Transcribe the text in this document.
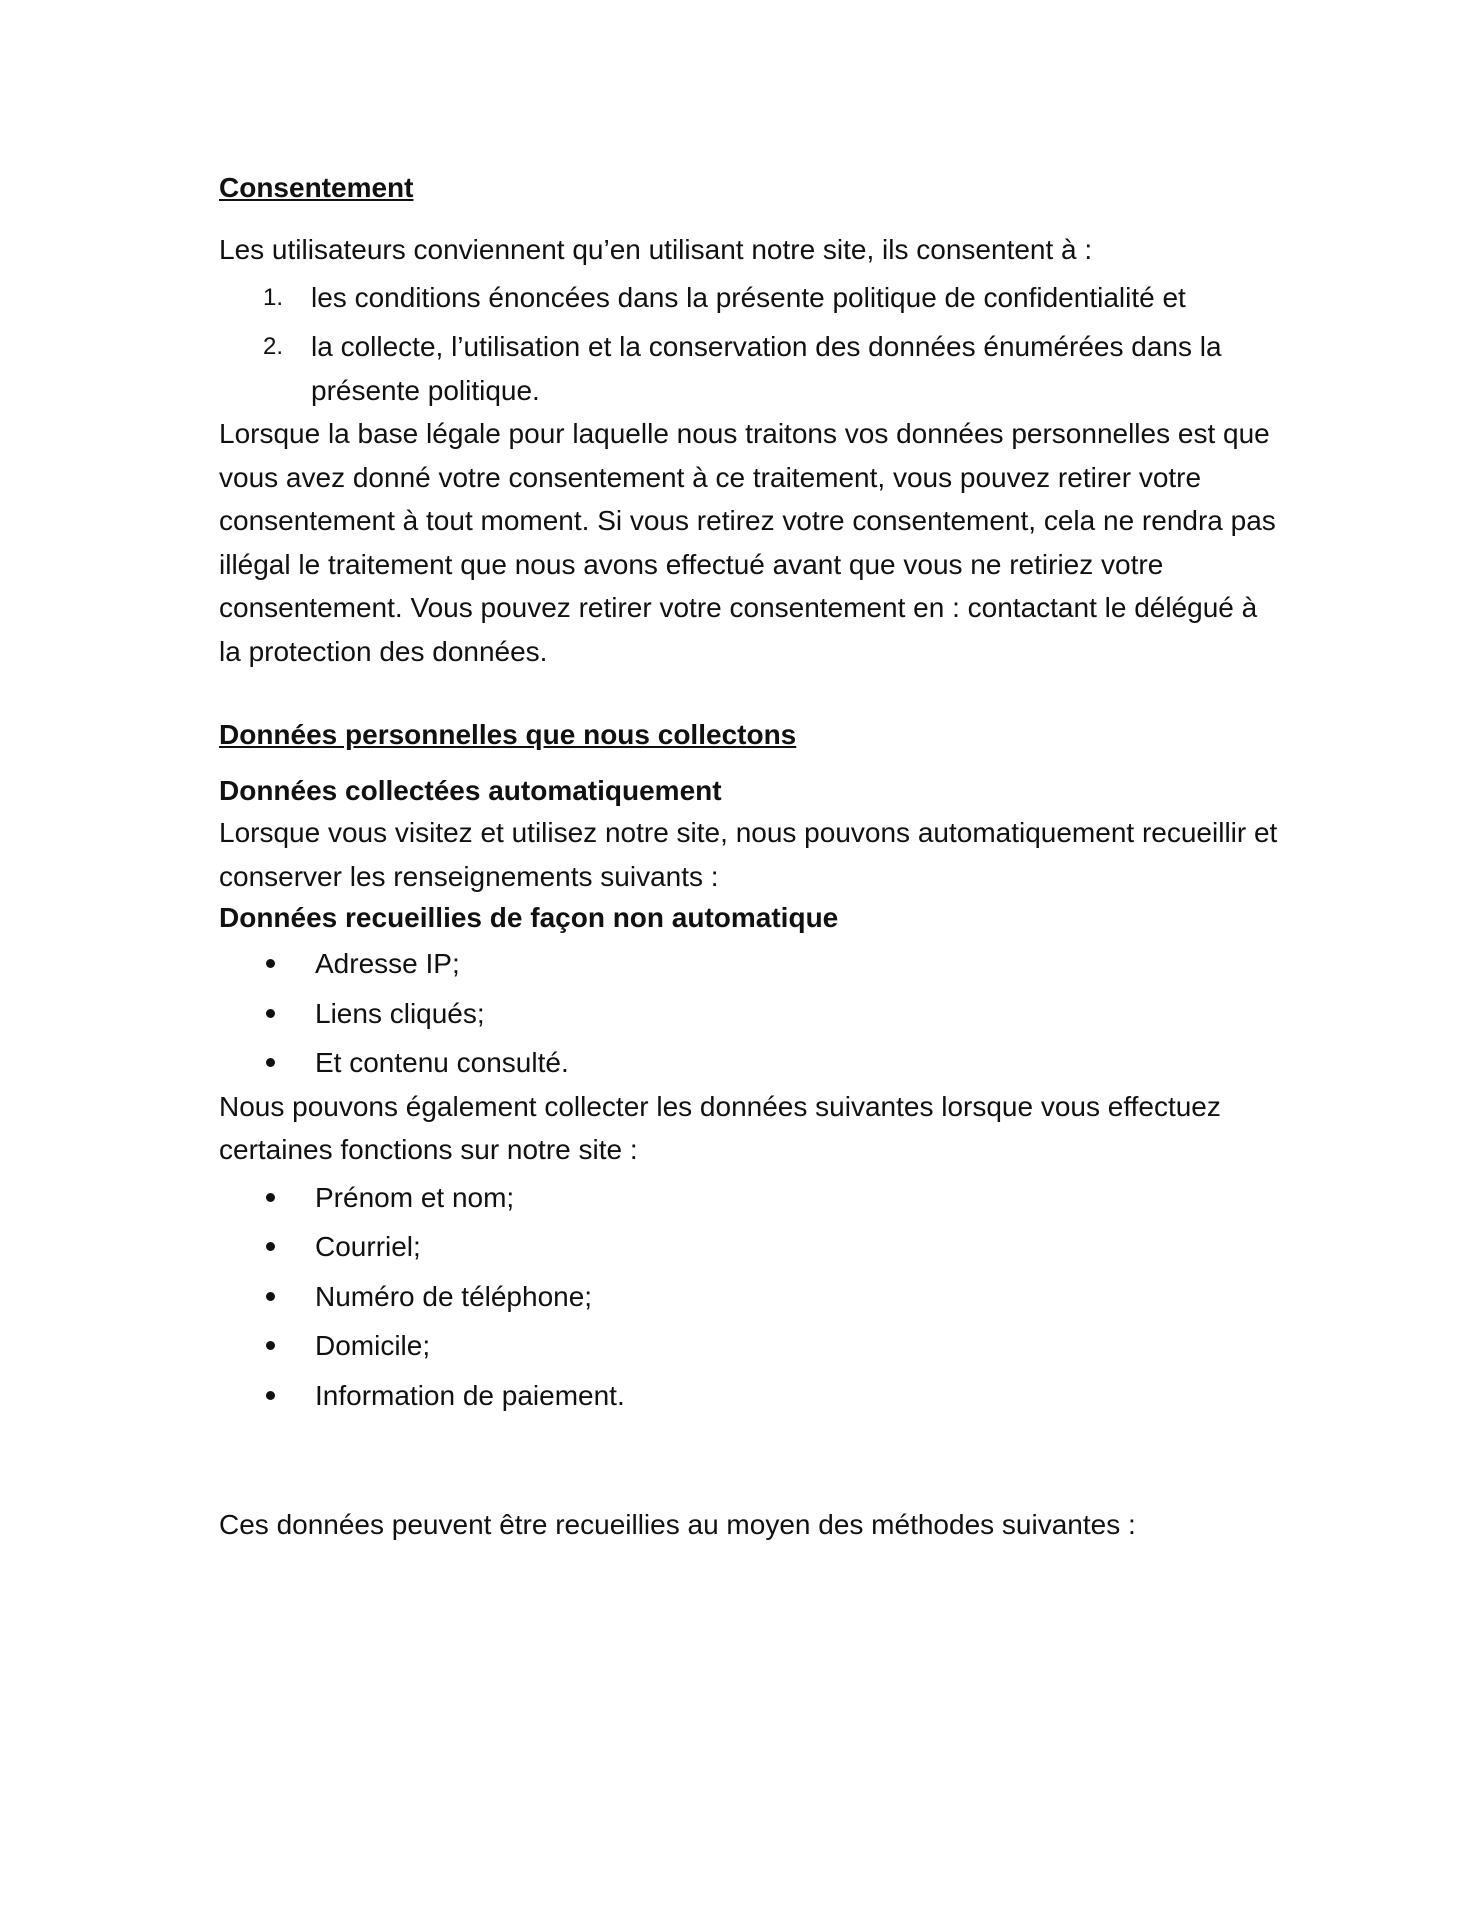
Consentement

Les utilisateurs conviennent qu’en utilisant notre site, ils consentent à :

1. les conditions énoncées dans la présente politique de confidentialité et
2. la collecte, l’utilisation et la conservation des données énumérées dans la présente politique.

Lorsque la base légale pour laquelle nous traitons vos données personnelles est que vous avez donné votre consentement à ce traitement, vous pouvez retirer votre consentement à tout moment. Si vous retirez votre consentement, cela ne rendra pas illégal le traitement que nous avons effectué avant que vous ne retiriez votre consentement. Vous pouvez retirer votre consentement en : contactant le délégué à la protection des données.

Données personnelles que nous collectons
Données collectées automatiquement

Lorsque vous visitez et utilisez notre site, nous pouvons automatiquement recueillir et conserver les renseignements suivants :

Données recueillies de façon non automatique
Adresse IP;
Liens cliqués;
Et contenu consulté.

Nous pouvons également collecter les données suivantes lorsque vous effectuez certaines fonctions sur notre site :

Prénom et nom;
Courriel;
Numéro de téléphone;
Domicile;
Information de paiement.

Ces données peuvent être recueillies au moyen des méthodes suivantes :
